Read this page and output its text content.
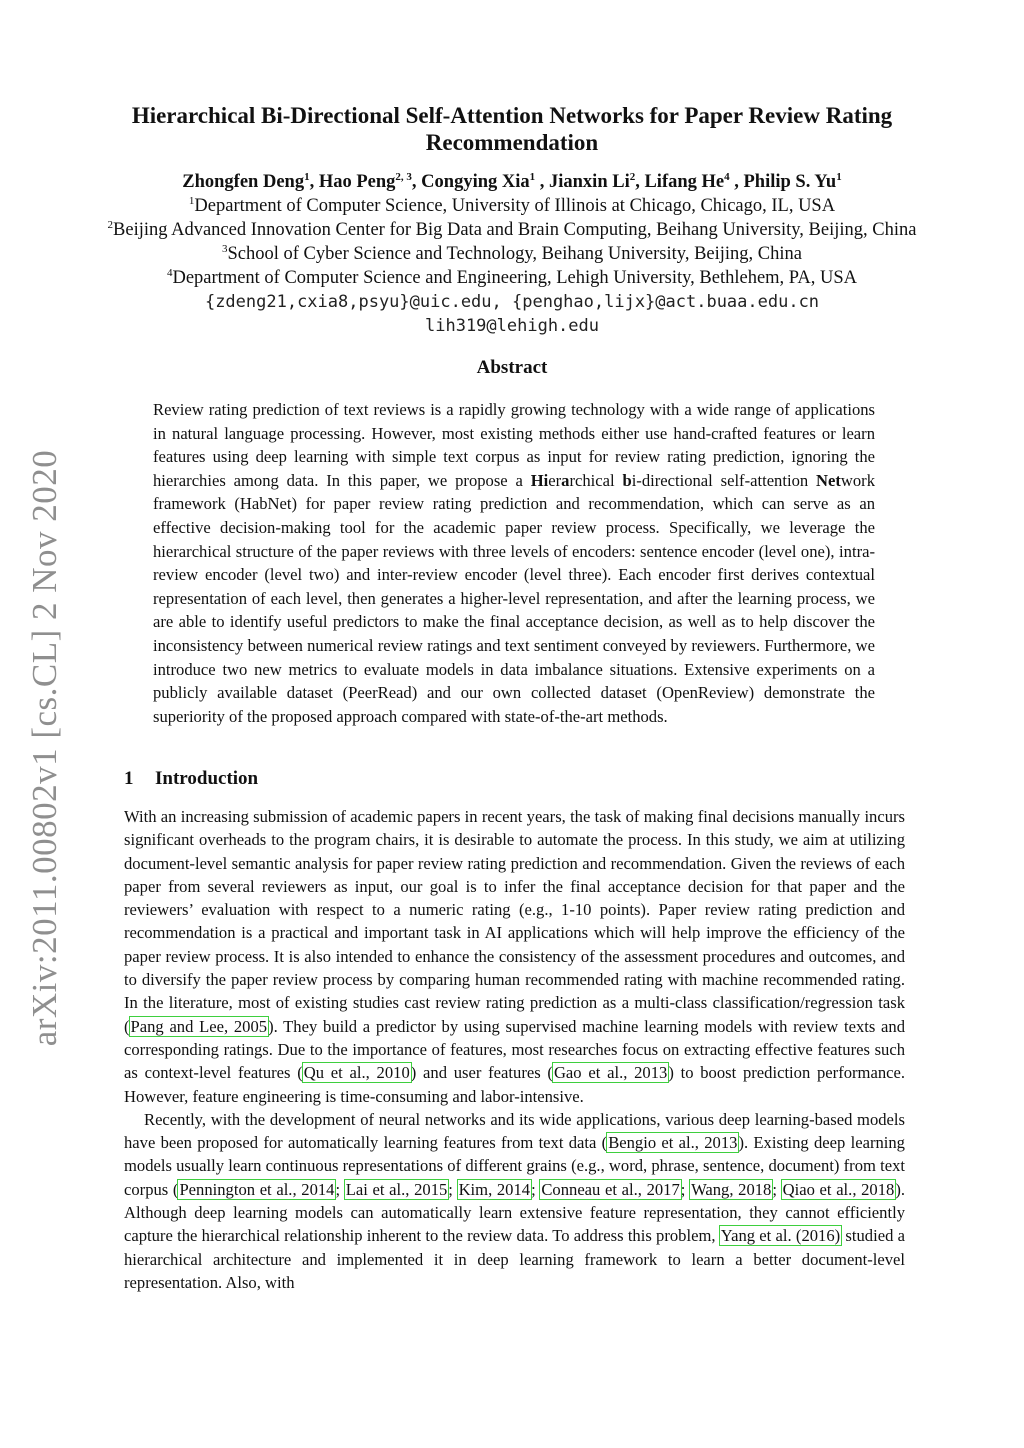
arXiv:2011.00802v1 [cs.CL] 2 Nov 2020
Hierarchical Bi-Directional Self-Attention Networks for Paper Review Rating Recommendation
Zhongfen Deng$^1$, Hao Peng$^{2, 3}$, Congying Xia$^1$ , Jianxin Li$^2$, Lifang He$^4$ , Philip S. Yu$^1$
$^1$Department of Computer Science, University of Illinois at Chicago, Chicago, IL, USA
$^2$Beijing Advanced Innovation Center for Big Data and Brain Computing, Beihang University, Beijing, China
$^3$School of Cyber Science and Technology, Beihang University, Beijing, China
$^4$Department of Computer Science and Engineering, Lehigh University, Bethlehem, PA, USA
{zdeng21,cxia8,psyu}@uic.edu, {penghao,lijx}@act.buaa.edu.cn
lih319@lehigh.edu
Abstract
Review rating prediction of text reviews is a rapidly growing technology with a wide range of applications in natural language processing. However, most existing methods either use hand-crafted features or learn features using deep learning with simple text corpus as input for review rating prediction, ignoring the hierarchies among data. In this paper, we propose a Hierarchical bi-directional self-attention Network framework (HabNet) for paper review rating prediction and recommendation, which can serve as an effective decision-making tool for the academic paper review process. Specifically, we leverage the hierarchical structure of the paper reviews with three levels of encoders: sentence encoder (level one), intra-review encoder (level two) and inter-review encoder (level three). Each encoder first derives contextual representation of each level, then generates a higher-level representation, and after the learning process, we are able to identify useful predictors to make the final acceptance decision, as well as to help discover the inconsistency between numerical review ratings and text sentiment conveyed by reviewers. Furthermore, we introduce two new metrics to evaluate models in data imbalance situations. Extensive experiments on a publicly available dataset (PeerRead) and our own collected dataset (OpenReview) demonstrate the superiority of the proposed approach compared with state-of-the-art methods.
1 Introduction

With an increasing submission of academic papers in recent years, the task of making final decisions manually incurs significant overheads to the program chairs, it is desirable to automate the process. In this study, we aim at utilizing document-level semantic analysis for paper review rating prediction and recommendation. Given the reviews of each paper from several reviewers as input, our goal is to infer the final acceptance decision for that paper and the reviewers’ evaluation with respect to a numeric rating (e.g., 1-10 points). Paper review rating prediction and recommendation is a practical and important task in AI applications which will help improve the efficiency of the paper review process. It is also intended to enhance the consistency of the assessment procedures and outcomes, and to diversify the paper review process by comparing human recommended rating with machine recommended rating. In the literature, most of existing studies cast review rating prediction as a multi-class classification/regression task (Pang and Lee, 2005). They build a predictor by using supervised machine learning models with review texts and corresponding ratings. Due to the importance of features, most researches focus on extracting effective features such as context-level features (Qu et al., 2010) and user features (Gao et al., 2013) to boost prediction performance. However, feature engineering is time-consuming and labor-intensive.

Recently, with the development of neural networks and its wide applications, various deep learning-based models have been proposed for automatically learning features from text data (Bengio et al., 2013). Existing deep learning models usually learn continuous representations of different grains (e.g., word, phrase, sentence, document) from text corpus (Pennington et al., 2014; Lai et al., 2015; Kim, 2014; Conneau et al., 2017; Wang, 2018; Qiao et al., 2018). Although deep learning models can automatically learn extensive feature representation, they cannot efficiently capture the hierarchical relationship inherent to the review data. To address this problem, Yang et al. (2016) studied a hierarchical architecture and implemented it in deep learning framework to learn a better document-level representation. Also, with
